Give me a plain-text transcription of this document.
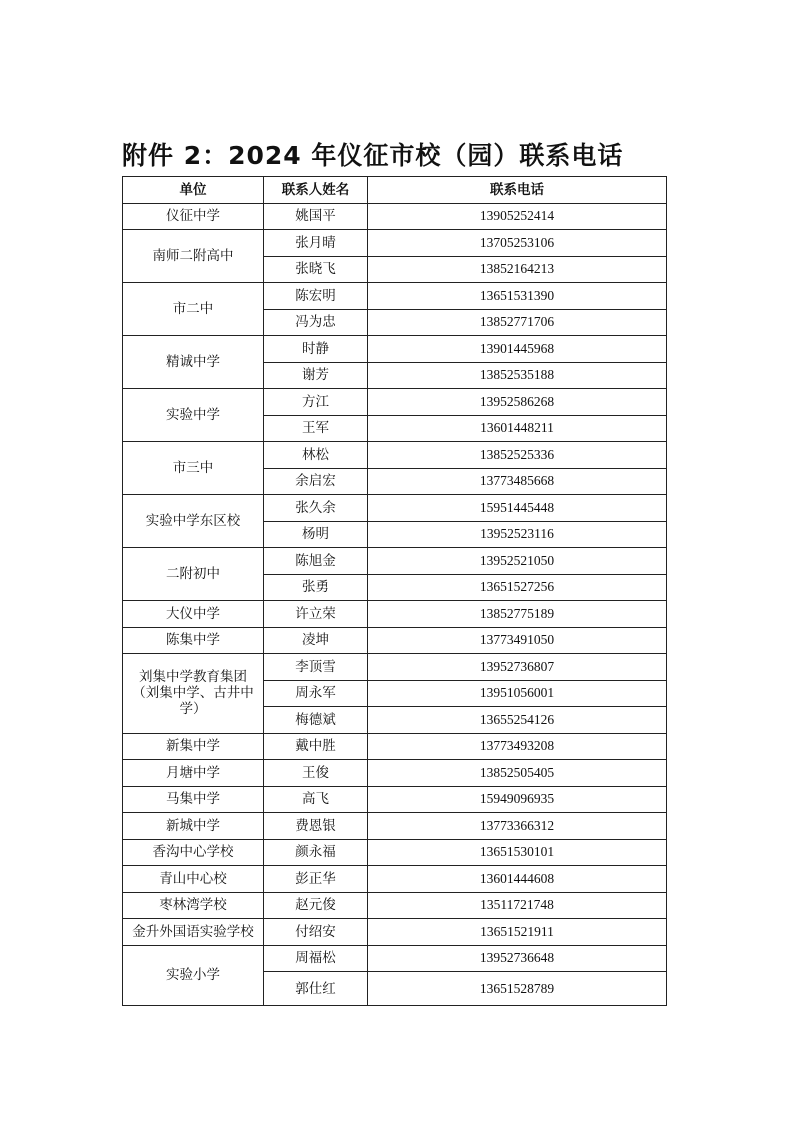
附件 2：2024 年仪征市校（园）联系电话
单位	联系人姓名	联系电话
仪征中学	姚国平	13905252414
南师二附高中	张月晴	13705253106
	张晓飞	13852164213
市二中	陈宏明	13651531390
	冯为忠	13852771706
精诚中学	时静	13901445968
	谢芳	13852535188
实验中学	方江	13952586268
	王军	13601448211
市三中	林松	13852525336
	余启宏	13773485668
实验中学东区校	张久余	15951445448
	杨明	13952523116
二附初中	陈旭金	13952521050
	张勇	13651527256
大仪中学	许立荣	13852775189
陈集中学	凌坤	13773491050
刘集中学教育集团（刘集中学、古井中学）	李顶雪	13952736807
	周永军	13951056001
	梅德斌	13655254126
新集中学	戴中胜	13773493208
月塘中学	王俊	13852505405
马集中学	高飞	15949096935
新城中学	费恩银	13773366312
香沟中心学校	颜永福	13651530101
青山中心校	彭正华	13601444608
枣林湾学校	赵元俊	13511721748
金升外国语实验学校	付绍安	13651521911
实验小学	周福松	13952736648
	郭仕红	13651528789
